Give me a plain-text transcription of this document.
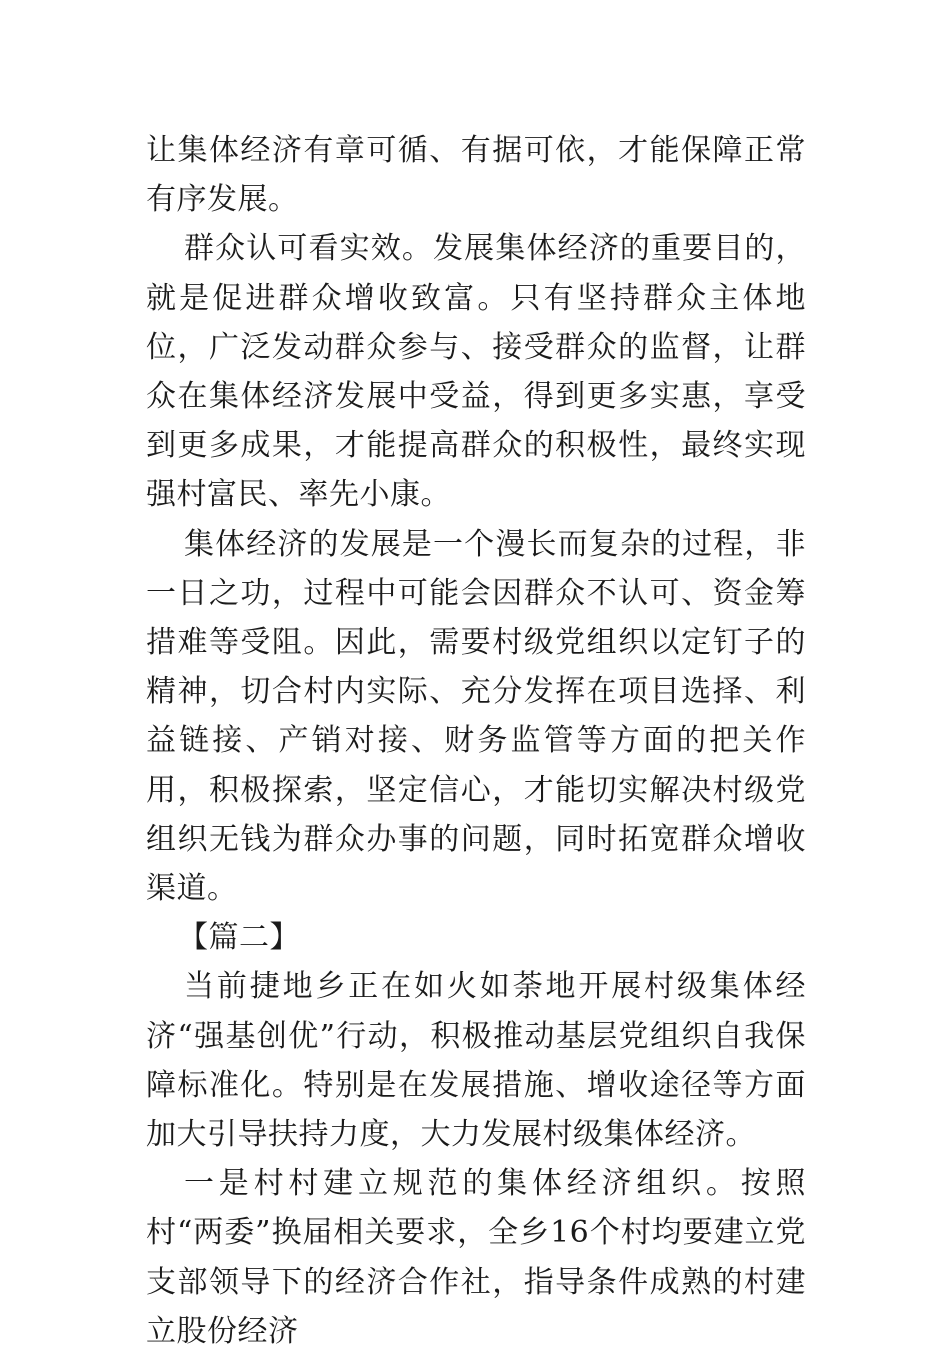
让集体经济有章可循、有据可依，才能保障正常有序发展。

群众认可看实效。发展集体经济的重要目的，就是促进群众增收致富。只有坚持群众主体地位，广泛发动群众参与、接受群众的监督，让群众在集体经济发展中受益，得到更多实惠，享受到更多成果，才能提高群众的积极性，最终实现强村富民、率先小康。

集体经济的发展是一个漫长而复杂的过程，非一日之功，过程中可能会因群众不认可、资金筹措难等受阻。因此，需要村级党组织以定钉子的精神，切合村内实际、充分发挥在项目选择、利益链接、产销对接、财务监管等方面的把关作用，积极探索，坚定信心，才能切实解决村级党组织无钱为群众办事的问题，同时拓宽群众增收渠道。

【篇二】

当前捷地乡正在如火如荼地开展村级集体经济“强基创优”行动，积极推动基层党组织自我保障标准化。特别是在发展措施、增收途径等方面加大引导扶持力度，大力发展村级集体经济。

一是村村建立规范的集体经济组织。按照村“两委”换届相关要求，全乡16个村均要建立党支部领导下的经济合作社，指导条件成熟的村建立股份经济
